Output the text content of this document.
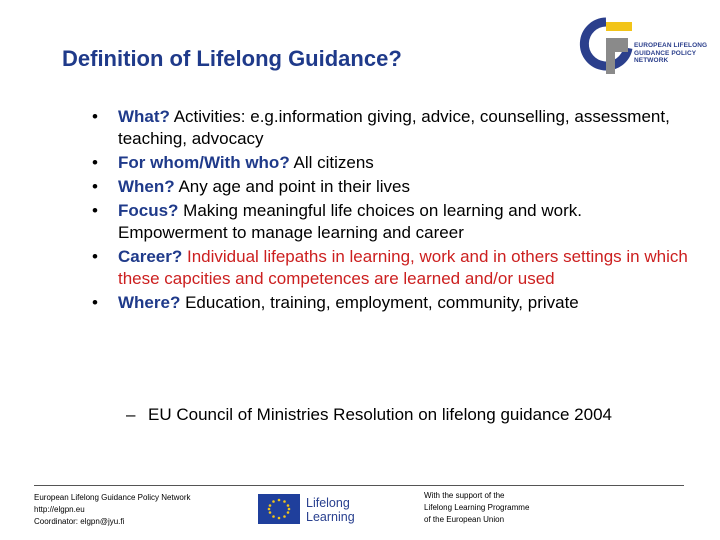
Definition of Lifelong Guidance?
EUROPEAN LIFELONG
GUIDANCE POLICY
NETWORK
• What? Activities: e.g.information giving, advice, counselling, assessment, teaching, advocacy
• For whom/With who? All citizens
• When? Any age and point in their lives
• Focus? Making meaningful life choices on learning and work. Empowerment to manage learning and career
• Career? Individual lifepaths in learning, work and in others settings in which these capcities and competences are learned and/or used
• Where? Education, training, employment, community, private
– EU Council of Ministries Resolution on lifelong guidance 2004
European Lifelong Guidance Policy Network
http://elgpn.eu
Coordinator: elgpn@jyu.fi
Lifelong
Learning
With the support of the
Lifelong Learning Programme
of the European Union
